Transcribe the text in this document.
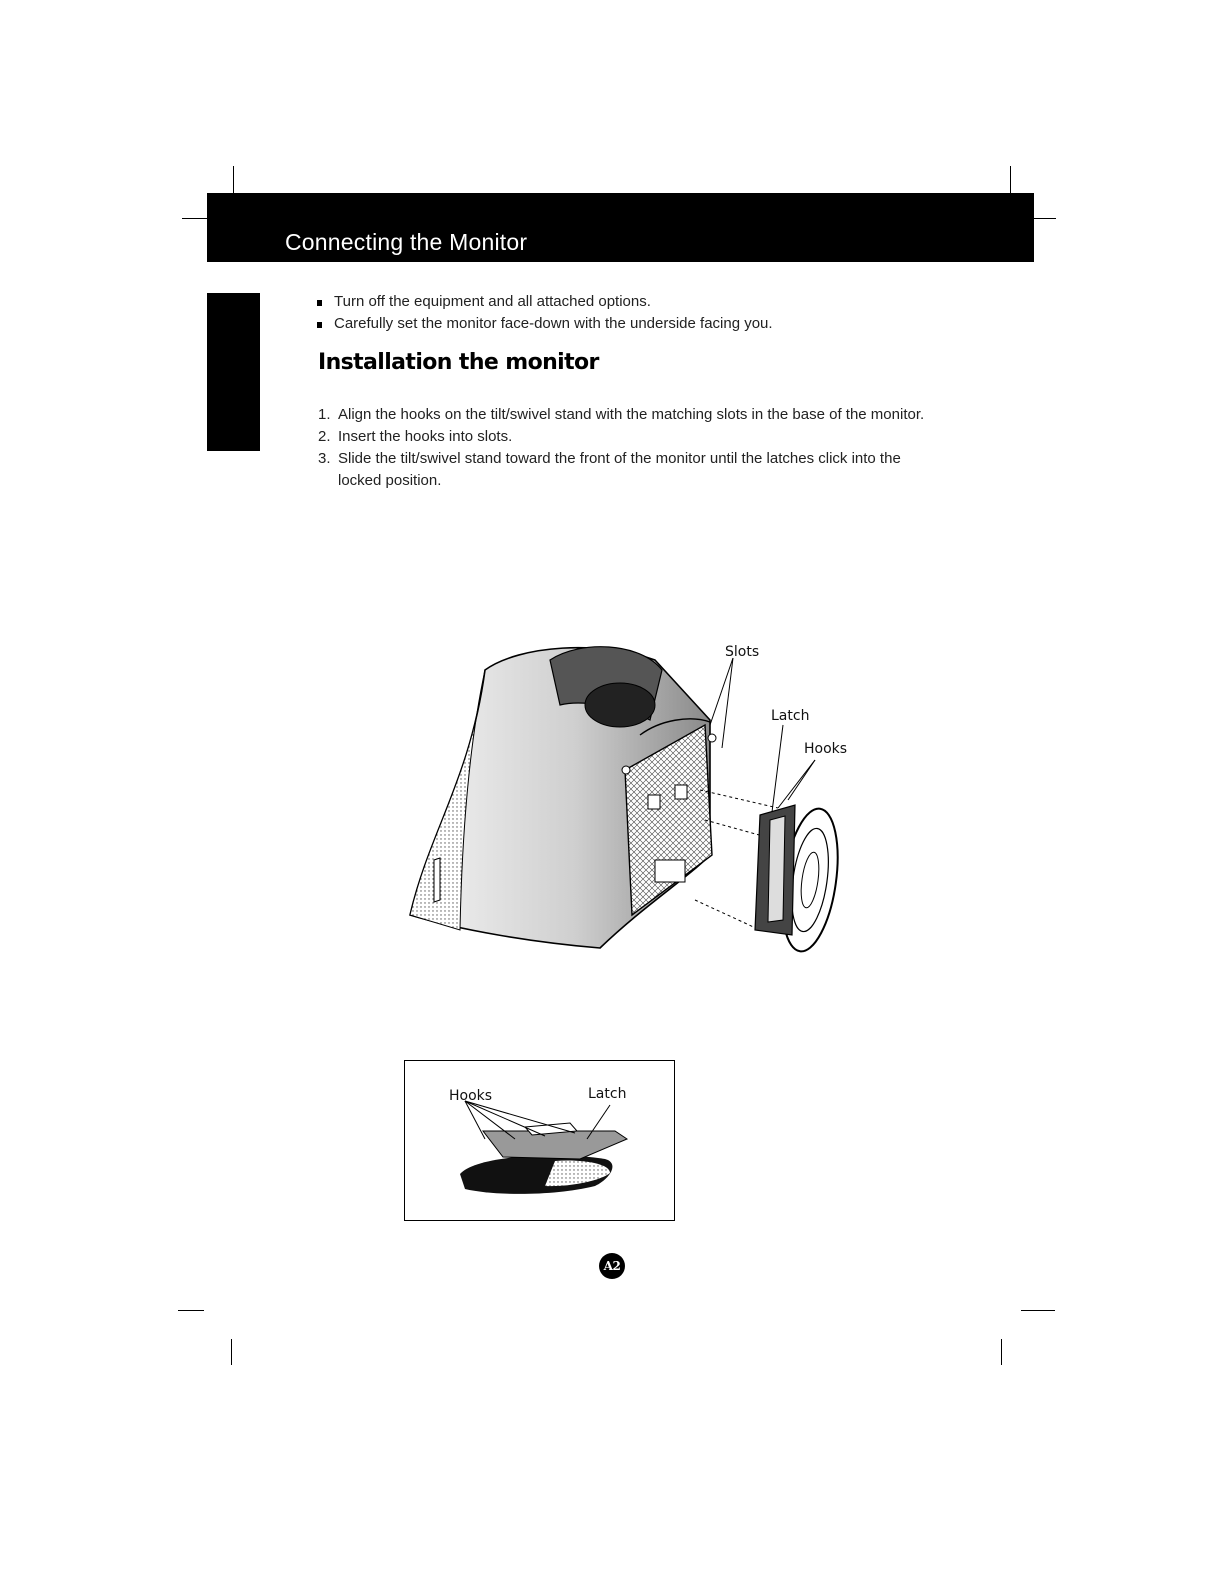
Connecting the Monitor
Turn off the equipment and all attached options.
Carefully set the monitor face-down with the underside facing you.
Installation the monitor
1. Align the hooks on the tilt/swivel stand with the matching slots in the base of the monitor.
2. Insert the hooks into slots.
3. Slide the tilt/swivel stand toward the front of the monitor until the latches click into the locked position.
Slots
Latch
Hooks
Hooks	Latch
A2
